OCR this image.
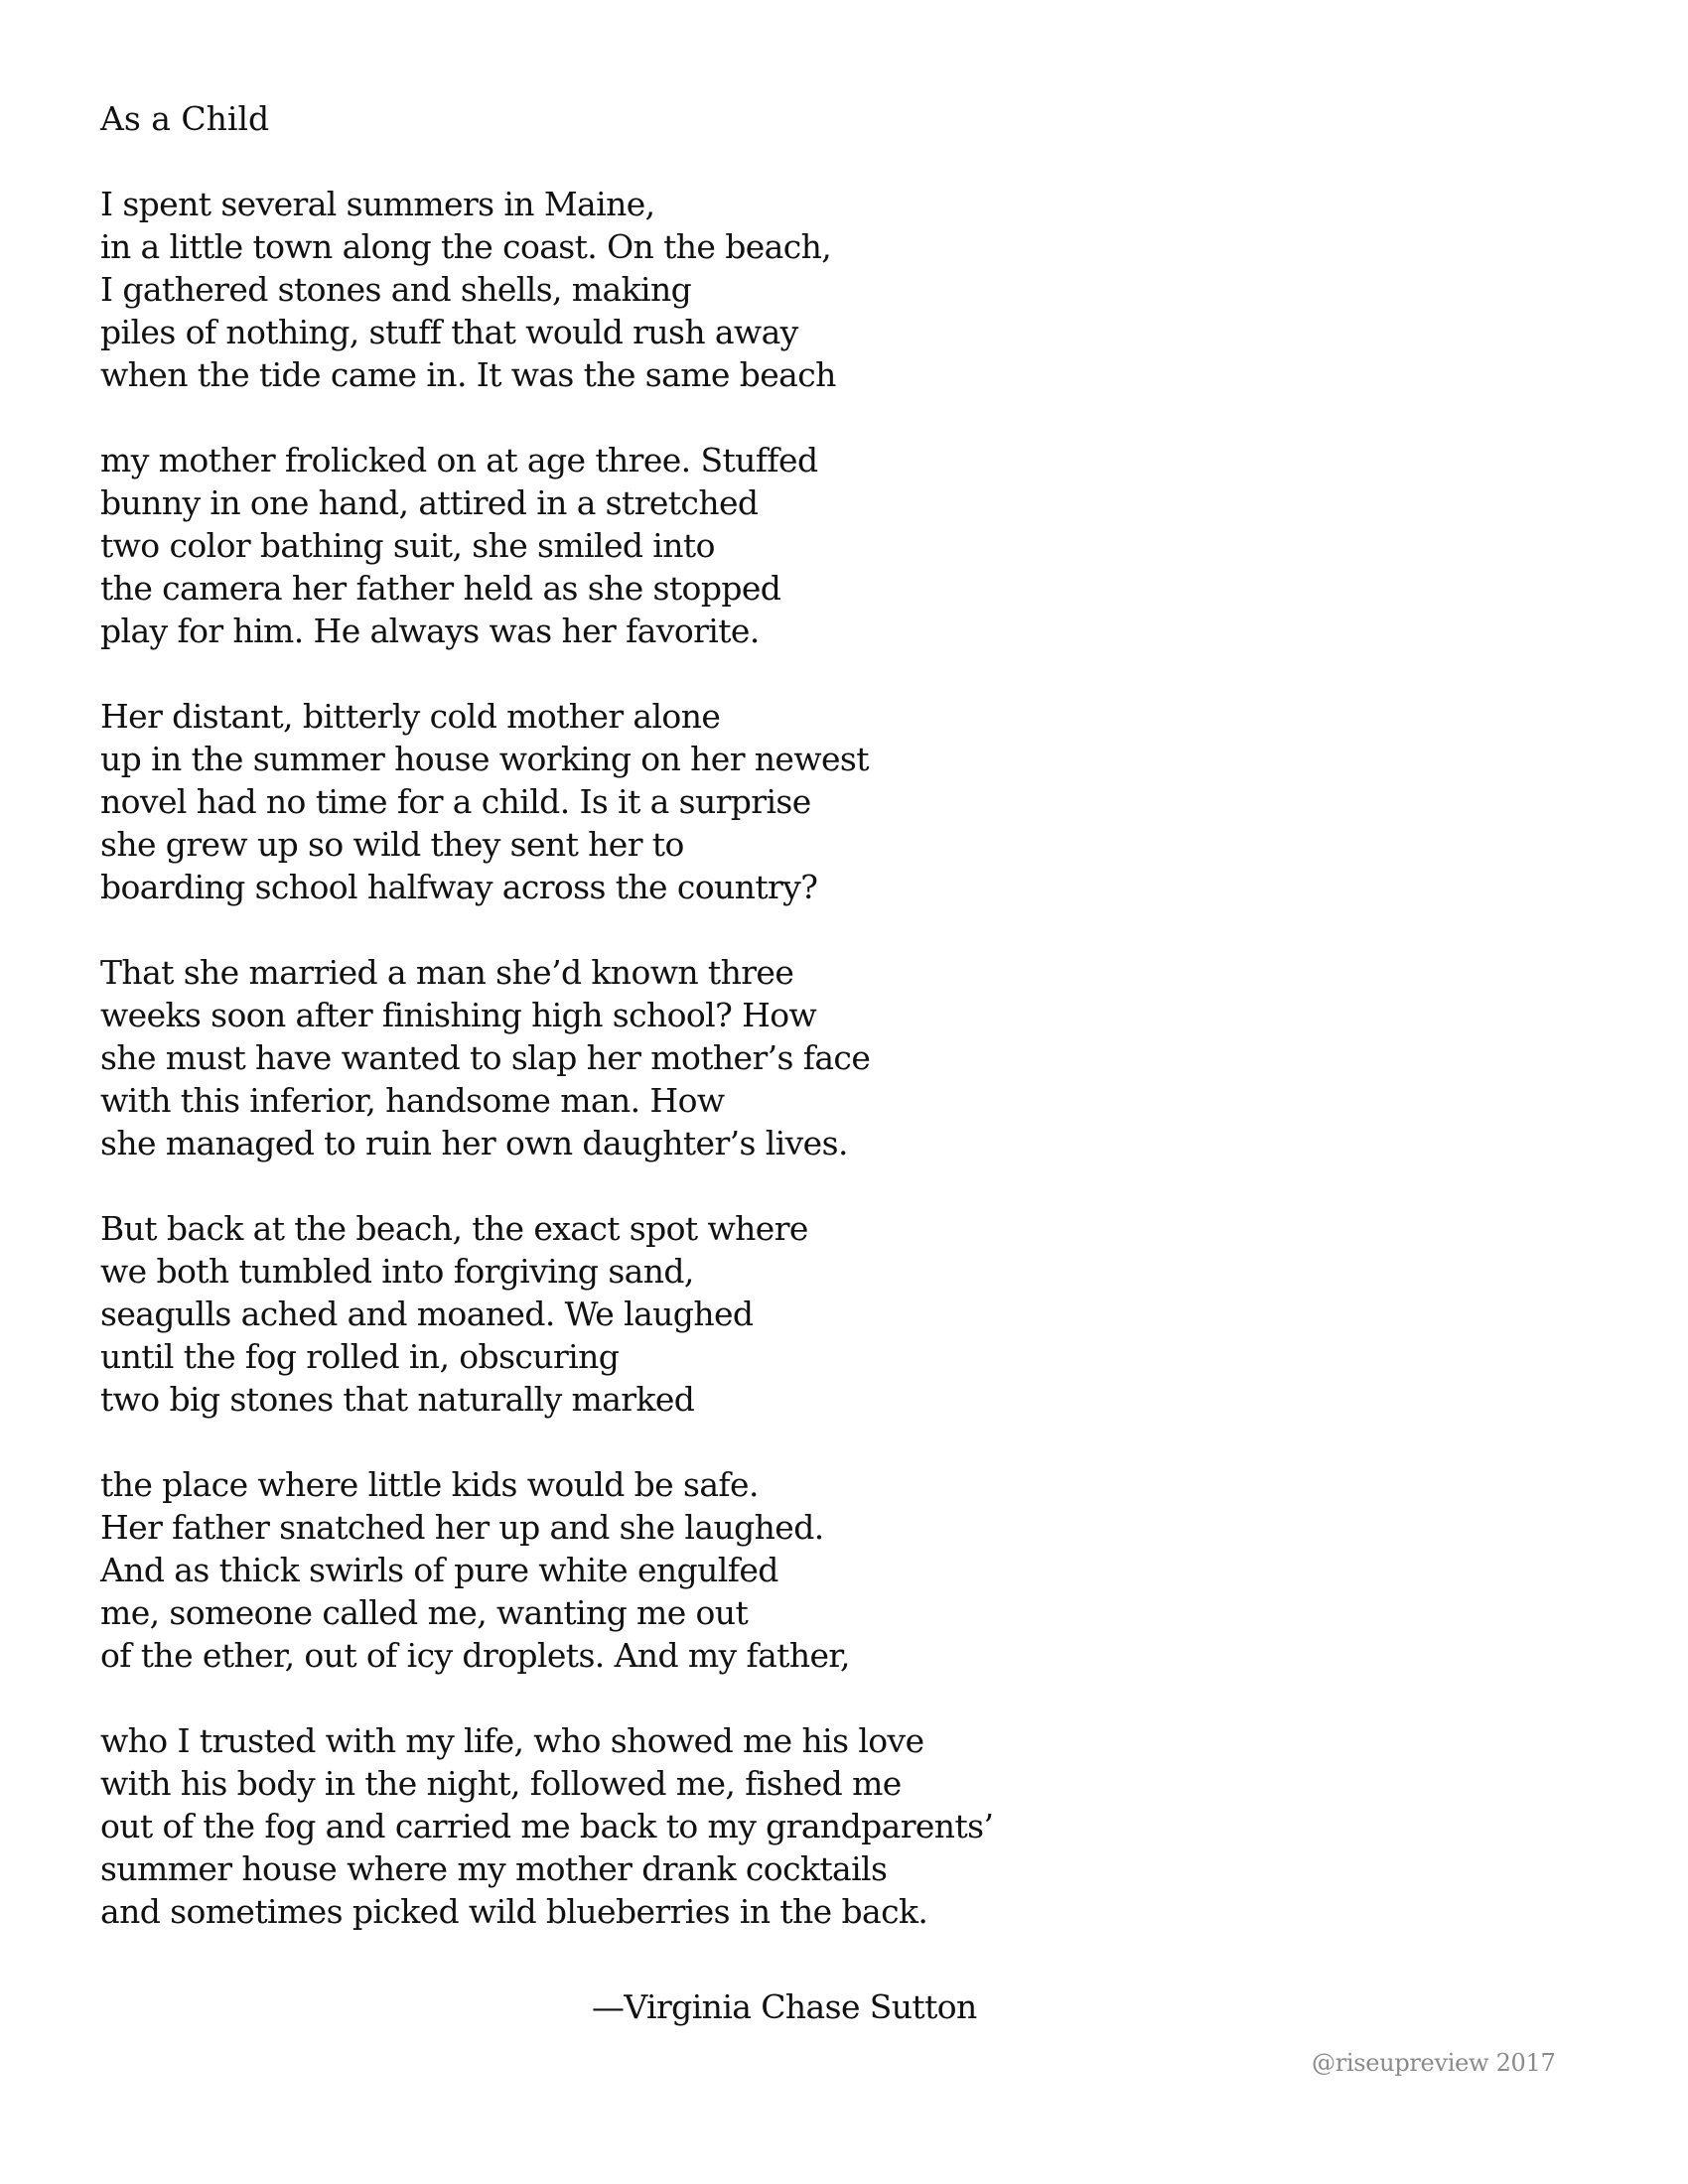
As a Child
I spent several summers in Maine,
in a little town along the coast. On the beach,
I gathered stones and shells, making
piles of nothing, stuff that would rush away
when the tide came in. It was the same beach
my mother frolicked on at age three. Stuffed
bunny in one hand, attired in a stretched
two color bathing suit, she smiled into
the camera her father held as she stopped
play for him. He always was her favorite.
Her distant, bitterly cold mother alone
up in the summer house working on her newest
novel had no time for a child. Is it a surprise
she grew up so wild they sent her to
boarding school halfway across the country?
That she married a man she’d known three
weeks soon after finishing high school? How
she must have wanted to slap her mother’s face
with this inferior, handsome man. How
she managed to ruin her own daughter’s lives.
But back at the beach, the exact spot where
we both tumbled into forgiving sand,
seagulls ached and moaned. We laughed
until the fog rolled in, obscuring
two big stones that naturally marked
the place where little kids would be safe.
Her father snatched her up and she laughed.
And as thick swirls of pure white engulfed
me, someone called me, wanting me out
of the ether, out of icy droplets. And my father,
who I trusted with my life, who showed me his love
with his body in the night, followed me, fished me
out of the fog and carried me back to my grandparents’
summer house where my mother drank cocktails
and sometimes picked wild blueberries in the back.
—Virginia Chase Sutton
@riseupreview 2017
